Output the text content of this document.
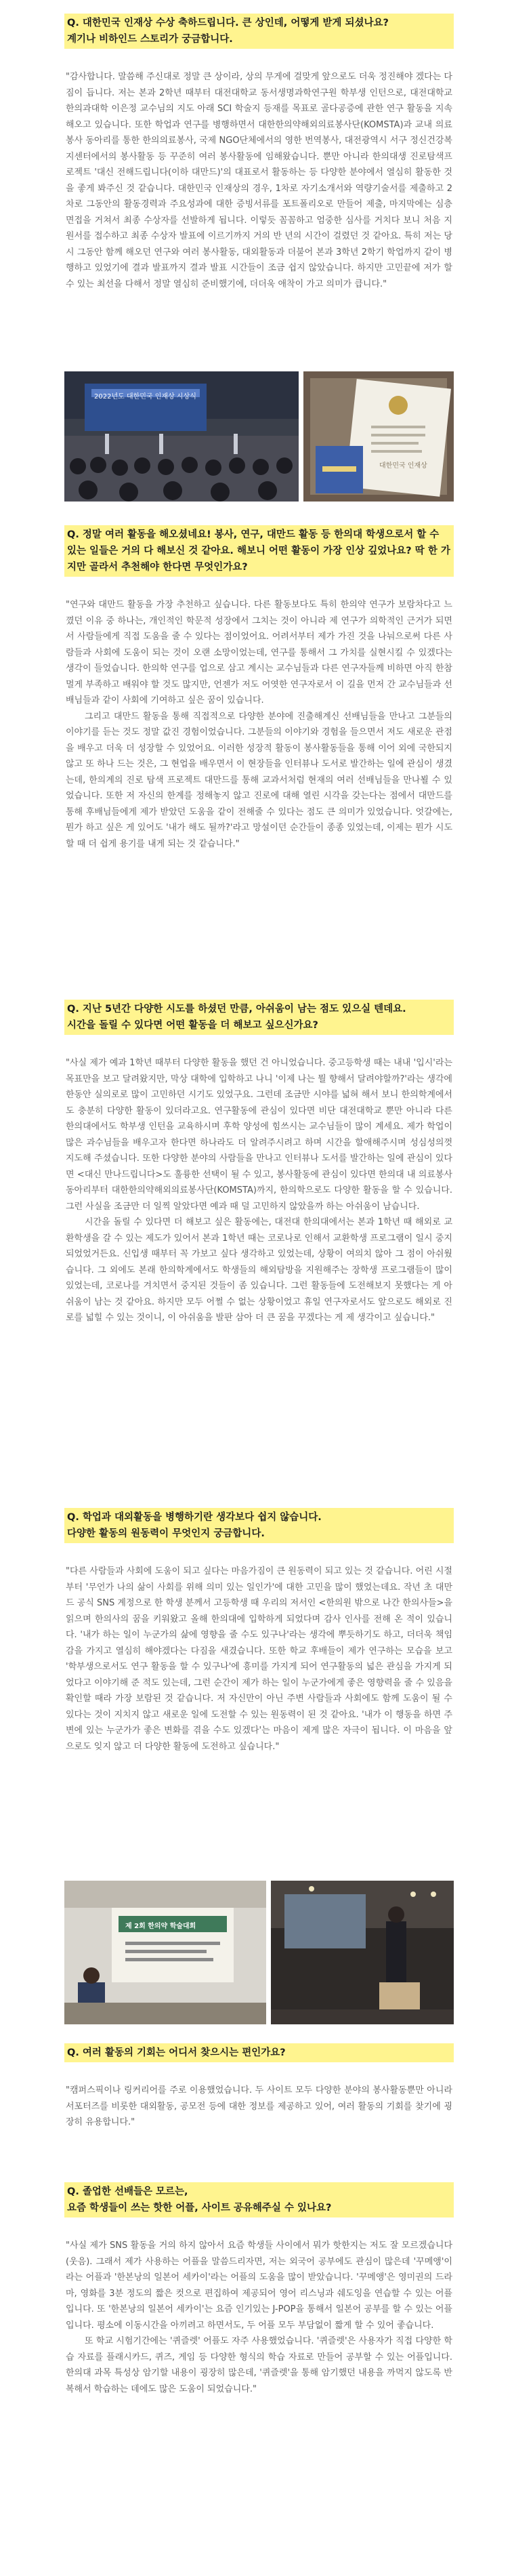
Q. 대한민국 인재상 수상 축하드립니다. 큰 상인데, 어떻게 받게 되셨나요?

계기나 비하인드 스토리가 궁금합니다.

"감사합니다. 말씀해 주신대로 정말 큰 상이라, 상의 무게에 걸맞게 앞으로도 더욱 정진해야 겠다는 다짐이 듭니다. 저는 본과 2학년 때부터 대전대학교 동서생명과학연구원 학부생 인턴으로, 대전대학교 한의과대학 이은정 교수님의 지도 아래 SCI 학술지 등재를 목표로 골다공증에 관한 연구 활동을 지속해오고 있습니다. 또한 학업과 연구를 병행하면서 대한한의약해외의료봉사단(KOMSTA)과 교내 의료봉사 동아리를 통한 한의의료봉사, 국제 NGO단체에서의 영한 번역봉사, 대전광역시 서구 정신건강복지센터에서의 봉사활동 등 꾸준히 여러 봉사활동에 임해왔습니다. 뿐만 아니라 한의대생 진로탐색프로젝트 '대신 전해드립니다(이하 대만드)'의 대표로서 활동하는 등 다양한 분야에서 열심히 활동한 것을 좋게 봐주신 것 같습니다. 대한민국 인재상의 경우, 1차로 자기소개서와 역량기술서를 제출하고 2차로 그동안의 활동경력과 주요성과에 대한 증빙서류를 포트폴리오로 만들어 제출, 마지막에는 심층면접을 거쳐서 최종 수상자를 선발하게 됩니다. 이렇듯 꼼꼼하고 엄중한 심사를 거치다 보니 처음 지원서를 접수하고 최종 수상자 발표에 이르기까지 거의 반 년의 시간이 걸렸던 것 같아요. 특히 저는 당시 그동안 함께 해오던 연구와 여러 봉사활동, 대외활동과 더불어 본과 3학년 2학기 학업까지 같이 병행하고 있었기에 결과 발표까지 결과 발표 시간들이 조금 쉽지 않았습니다. 하지만 고민끝에 저가 할 수 있는 최선을 다해서 정말 열심히 준비했기에, 더더욱 애착이 가고 의미가 큽니다."

2022년도 대한민국 인재상 시상식
대한민국 인재상

Q. 정말 여러 활동을 해오셨네요! 봉사, 연구, 대만드 활동 등 한의대 학생으로서 할 수 있는 일들은 거의 다 해보신 것 같아요. 해보니 어떤 활동이 가장 인상 깊었나요? 딱 한 가지만 골라서 추천해야 한다면 무엇인가요?

"연구와 대만드 활동을 가장 추천하고 싶습니다. 다른 활동보다도 특히 한의약 연구가 보람차다고 느꼈던 이유 중 하나는, 개인적인 학문적 성장에서 그치는 것이 아니라 제 연구가 의학적인 근거가 되면서 사람들에게 직접 도움을 줄 수 있다는 점이었어요. 어려서부터 제가 가진 것을 나눠으로써 다른 사람들과 사회에 도움이 되는 것이 오랜 소망이었는데, 연구를 통해서 그 가치를 실현시킬 수 있겠다는 생각이 들었습니다. 한의학 연구를 업으로 삼고 계시는 교수님들과 다른 연구자들께 비하면 아직 한참 멀게 부족하고 배워야 할 것도 많지만, 언젠가 저도 어엿한 연구자로서 이 길을 먼저 간 교수님들과 선배님들과 같이 사회에 기여하고 싶은 꿈이 있습니다.

그리고 대만드 활동을 통해 직접적으로 다양한 분야에 진출해계신 선배님들을 만나고 그분들의 이야기를 듣는 것도 정말 값진 경험이었습니다. 그분들의 이야기와 경험을 들으면서 저도 새로운 관점을 배우고 더욱 더 성장할 수 있었어요. 이러한 성장적 활동이 봉사활동들을 통해 이어 외에 국한되지 않고 또 하나 드는 것은, 그 현업을 배우면서 이 현장들을 인터뷰나 도서로 발간하는 일에 관심이 생겼는데, 한의계의 진로 탐색 프로젝트 대만드를 통해 교과서처럼 현재의 여러 선배님들을 만나뵐 수 있었습니다. 또한 저 자신의 한계를 정해놓지 않고 진로에 대해 열린 시각을 갖는다는 점에서 대만드를 통해 후배님들에게 제가 받았던 도움을 같이 전해줄 수 있다는 점도 큰 의미가 있었습니다. 엇갈에는, 뭔가 하고 싶은 게 있어도 '내가 해도 될까?'라고 망설이던 순간들이 종종 있었는데, 이제는 뭔가 시도할 때 더 쉽게 용기를 내게 되는 것 같습니다."

Q. 지난 5년간 다양한 시도를 하셨던 만큼, 아쉬움이 남는 점도 있으실 텐데요.

시간을 돌릴 수 있다면 어떤 활동을 더 해보고 싶으신가요?

"사실 제가 예과 1학년 때부터 다양한 활동을 했던 건 아니었습니다. 중고등학생 때는 내내 '입시'라는 목표만을 보고 달려왔지만, 막상 대학에 입학하고 나니 '이제 나는 뭘 향해서 달려야할까?'라는 생각에 한동안 실의로로 많이 고민하던 시기도 있었구요. 그런데 조금만 시야를 넓혀 해서 보니 한의학계에서도 충분히 다양한 활동이 있더라고요. 연구활동에 관심이 있다면 비단 대전대학교 뿐만 아니라 다른 한의대에서도 학부생 인턴을 교육하시며 후학 양성에 힘쓰시는 교수님들이 많이 계세요. 제가 학업이 많은 과수님들을 배우고자 한다면 하나라도 더 알려주시려고 하며 시간을 할애해주시며 성심성의껏 지도해 주셨습니다. 또한 다양한 분야의 사람들을 만나고 인터뷰나 도서를 발간하는 일에 관심이 있다면 <대신 만나드립니다>도 훌륭한 선택이 될 수 있고, 봉사활동에 관심이 있다면 한의대 내 의료봉사동아리부터 대한한의약해외의료봉사단(KOMSTA)까지, 한의학으로도 다양한 활동을 할 수 있습니다. 그런 사실을 조금만 더 일찍 알았다면 예과 때 덜 고민하지 않았을까 하는 아쉬움이 남습니다.

시간을 돌릴 수 있다면 더 해보고 싶은 활동에는, 대전대 한의대에서는 본과 1학년 때 해외로 교환학생을 갈 수 있는 제도가 있어서 본과 1학년 때는 코로나로 인해서 교환학생 프로그램이 일시 중지되었었거든요. 신입생 때부터 꼭 가보고 싶다 생각하고 있었는데, 상황이 여의치 않아 그 점이 아쉬웠습니다. 그 외에도 본래 한의학계에서도 학생들의 해외탐방을 지원해주는 장학생 프로그램들이 많이 있었는데, 코로나를 겨치면서 중지된 것들이 좀 있습니다. 그런 활동들에 도전해보지 못했다는 게 아쉬움이 남는 것 같아요. 하지만 모두 어쩔 수 없는 상황이었고 휴일 연구자로서도 앞으로도 해외로 진로를 넓힐 수 있는 것이니, 이 아쉬움을 발판 삼아 더 큰 꿈을 꾸겠다는 게 제 생각이고 싶습니다."

Q. 학업과 대외활동을 병행하기란 생각보다 쉽지 않습니다.

다양한 활동의 원동력이 무엇인지 궁금합니다.

"다른 사람들과 사회에 도움이 되고 싶다는 마음가짐이 큰 원동력이 되고 있는 것 같습니다. 어린 시절부터 '무언가 나의 삶이 사회를 위해 의미 있는 일인가'에 대한 고민을 많이 했었는데요. 작년 초 대만드 공식 SNS 계정으로 한 학생 분께서 고등학생 때 우리의 저서인 <한의원 밖으로 나간 한의사들>을 읽으며 한의사의 꿈을 키워왔고 올해 한의대에 입학하게 되었다며 감사 인사를 전해 온 적이 있습니다. '내가 하는 일이 누군가의 삶에 영향을 줄 수도 있구나'라는 생각에 뿌듯하기도 하고, 더더욱 책임감을 가지고 열심히 해야겠다는 다짐을 새겼습니다. 또한 학교 후배들이 제가 연구하는 모습을 보고 '학부생으로서도 연구 활동을 할 수 있구나'에 흥미를 가지게 되어 연구활동의 넓은 관심을 가지게 되었다고 이야기해 준 적도 있는데, 그런 순간이 제가 하는 일이 누군가에게 좋은 영향력을 줄 수 있음을 확인할 때라 가장 보람된 것 같습니다. 저 자신만이 아닌 주변 사람들과 사회에도 함께 도움이 될 수 있다는 것이 지치지 않고 새로운 일에 도전할 수 있는 원동력이 된 것 같아요. '내가 이 행동을 하면 주변에 있는 누군가가 좋은 변화를 겪을 수도 있겠다'는 마음이 제게 많은 자극이 됩니다. 이 마음을 앞으로도 잊지 않고 더 다양한 활동에 도전하고 싶습니다."

제 2회 한의약 학술대회

Q. 여러 활동의 기회는 어디서 찾으시는 편인가요?

"캠퍼스픽이나 링커리어를 주로 이용했었습니다. 두 사이트 모두 다양한 분야의 봉사활동뿐만 아니라 서포터즈를 비롯한 대외활동, 공모전 등에 대한 정보를 제공하고 있어, 여러 활동의 기회를 찾기에 굉장히 유용합니다."

Q. 졸업한 선배들은 모르는,

요즘 학생들이 쓰는 핫한 어플, 사이트 공유해주실 수 있나요?

"사실 제가 SNS 활동을 거의 하지 않아서 요즘 학생들 사이에서 뭐가 핫한지는 저도 잘 모르겠습니다 (웃음). 그래서 제가 사용하는 어플을 말씀드리자면, 저는 외국어 공부에도 관심이 많은데 '꾸메앵'이라는 어플과 '한본낭의 일본어 세카이'라는 어플의 도움을 많이 받았습니다. '꾸메앵'은 영미권의 드라마, 영화를 3분 정도의 짧은 컷으로 편집하여 제공되어 영어 리스닝과 쉐도잉을 연습할 수 있는 어플입니다. 또 '한본낭의 일본어 세카이'는 요즘 인기있는 J-POP을 통해서 일본어 공부를 할 수 있는 어플입니다. 평소에 이동시간을 아끼려고 하면서도, 두 어플 모두 부담없이 짧게 할 수 있어 좋습니다.

또 학교 시험기간에는 '퀴즐렛' 어플도 자주 사용했었습니다. '퀴즐렛'은 사용자가 직접 다양한 학습 자료를 플래시카드, 퀴즈, 게임 등 다양한 형식의 학습 자료로 만들어 공부할 수 있는 어플입니다. 한의대 과목 특성상 암기할 내용이 굉장히 많은데, '퀴즐렛'을 통해 암기했던 내용을 까먹지 않도록 반복해서 학습하는 데에도 많은 도움이 되었습니다."
